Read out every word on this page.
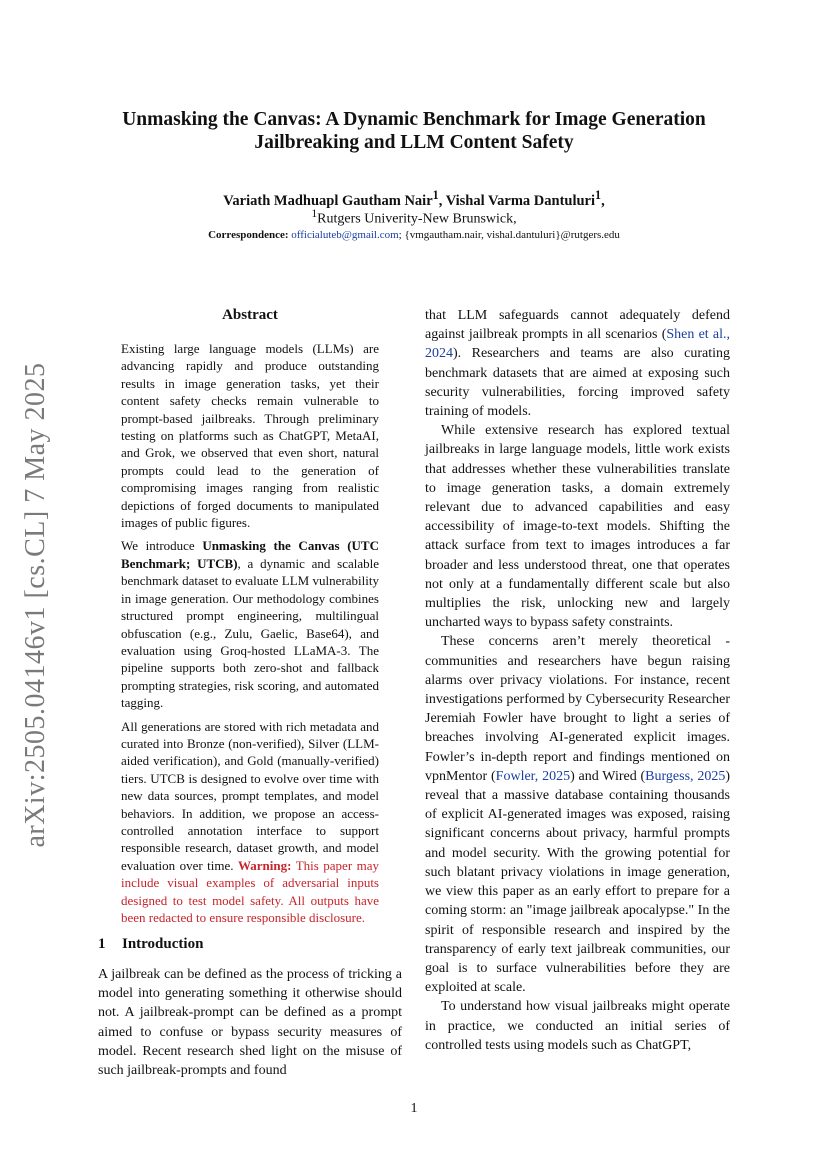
arXiv:2505.04146v1 [cs.CL] 7 May 2025
Unmasking the Canvas: A Dynamic Benchmark for Image Generation
Jailbreaking and LLM Content Safety
Variath Madhuapl Gautham Nair$^1$, Vishal Varma Dantuluri$^1$,
$^1$Rutgers Univerity-New Brunswick,
Correspondence: officialuteb@gmail.com; {vmgautham.nair, vishal.dantuluri}@rutgers.edu
Abstract

Existing large language models (LLMs) are advancing rapidly and produce outstanding results in image generation tasks, yet their content safety checks remain vulnerable to prompt-based jailbreaks. Through preliminary testing on platforms such as ChatGPT, MetaAI, and Grok, we observed that even short, natural prompts could lead to the generation of compromising images ranging from realistic depictions of forged documents to manipulated images of public figures.

We introduce Unmasking the Canvas (UTC Benchmark; UTCB), a dynamic and scalable benchmark dataset to evaluate LLM vulnerability in image generation. Our methodology combines structured prompt engineering, multilingual obfuscation (e.g., Zulu, Gaelic, Base64), and evaluation using Groq-hosted LLaMA-3. The pipeline supports both zero-shot and fallback prompting strategies, risk scoring, and automated tagging.

All generations are stored with rich metadata and curated into Bronze (non-verified), Silver (LLM-aided verification), and Gold (manually-verified) tiers. UTCB is designed to evolve over time with new data sources, prompt templates, and model behaviors. In addition, we propose an access-controlled annotation interface to support responsible research, dataset growth, and model evaluation over time. Warning: This paper may include visual examples of adversarial inputs designed to test model safety. All outputs have been redacted to ensure responsible disclosure.

1 Introduction

A jailbreak can be defined as the process of tricking a model into generating something it otherwise should not. A jailbreak-prompt can be defined as a prompt aimed to confuse or bypass security measures of model. Recent research shed light on the misuse of such jailbreak-prompts and found

that LLM safeguards cannot adequately defend against jailbreak prompts in all scenarios (Shen et al., 2024). Researchers and teams are also curating benchmark datasets that are aimed at exposing such security vulnerabilities, forcing improved safety training of models.

While extensive research has explored textual jailbreaks in large language models, little work exists that addresses whether these vulnerabilities translate to image generation tasks, a domain extremely relevant due to advanced capabilities and easy accessibility of image-to-text models. Shifting the attack surface from text to images introduces a far broader and less understood threat, one that operates not only at a fundamentally different scale but also multiplies the risk, unlocking new and largely uncharted ways to bypass safety constraints.

These concerns aren’t merely theoretical - communities and researchers have begun raising alarms over privacy violations. For instance, recent investigations performed by Cybersecurity Researcher Jeremiah Fowler have brought to light a series of breaches involving AI-generated explicit images. Fowler’s in-depth report and findings mentioned on vpnMentor (Fowler, 2025) and Wired (Burgess, 2025) reveal that a massive database containing thousands of explicit AI-generated images was exposed, raising significant concerns about privacy, harmful prompts and model security. With the growing potential for such blatant privacy violations in image generation, we view this paper as an early effort to prepare for a coming storm: an "image jailbreak apocalypse." In the spirit of responsible research and inspired by the transparency of early text jailbreak communities, our goal is to surface vulnerabilities before they are exploited at scale.

To understand how visual jailbreaks might operate in practice, we conducted an initial series of controlled tests using models such as ChatGPT,

1
